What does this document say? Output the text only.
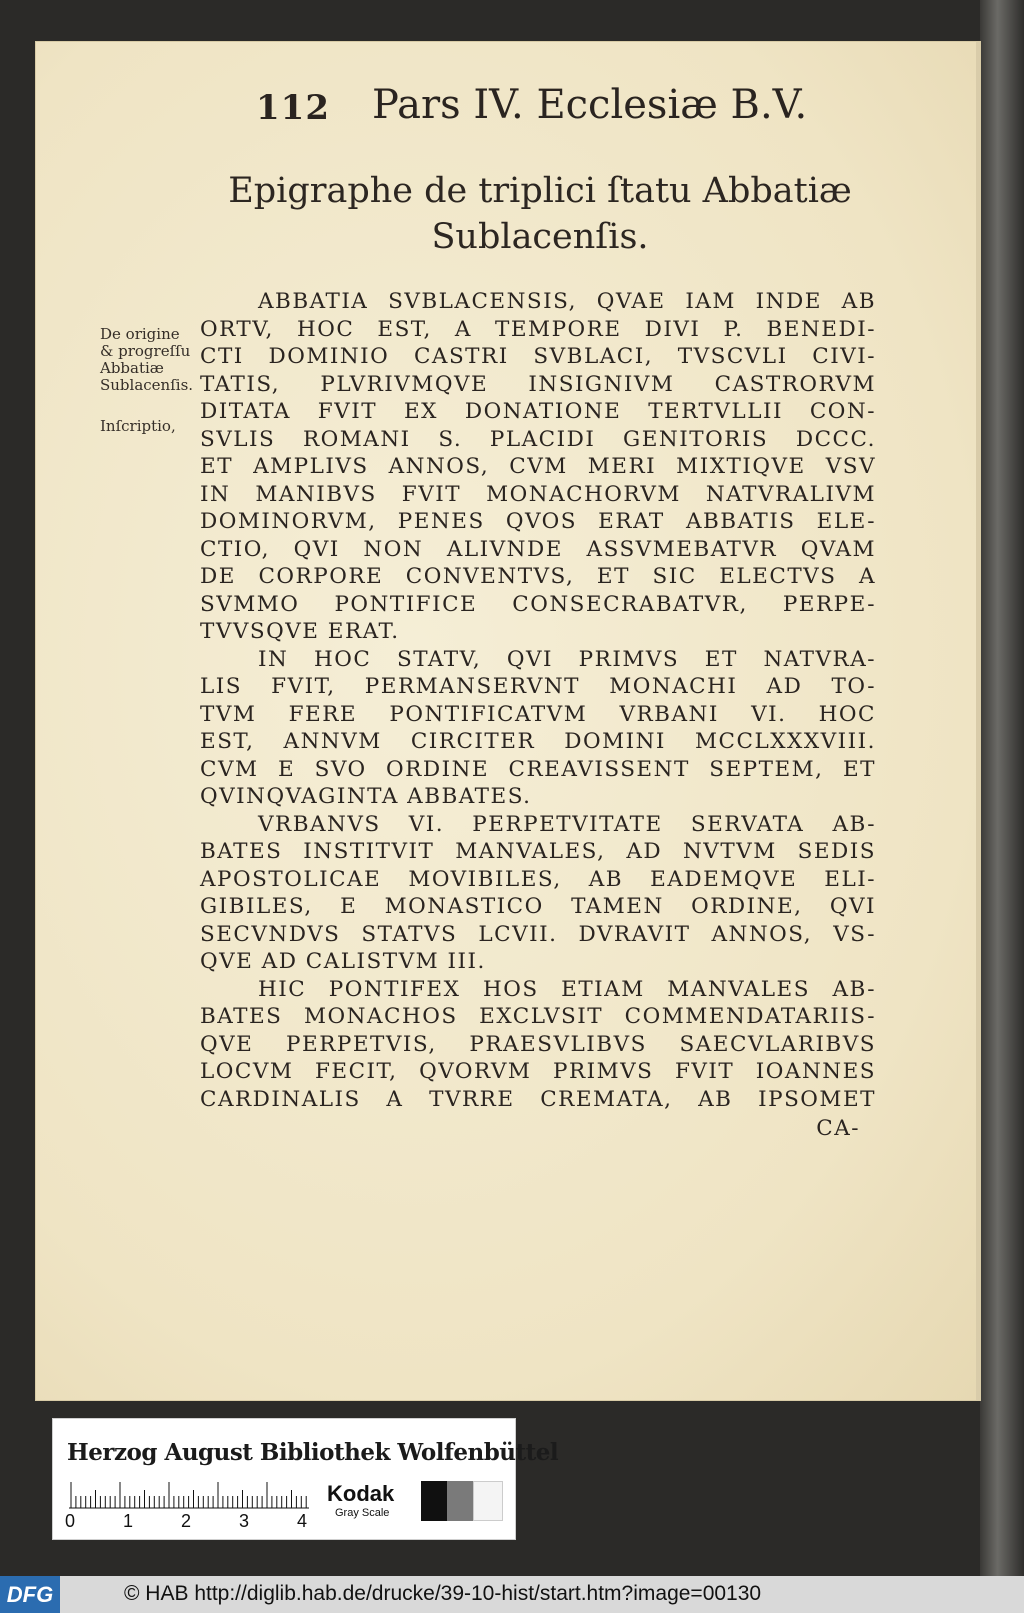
112 Pars IV. Ecclesiæ B.V.
Epigraphe de triplici ſtatu Abbatiæ
Sublacenſis.
De origine
& progreſſu
Abbatiæ
Sublacenſis.
Inſcriptio,
ABBATIA SVBLACENSIS, QVAE IAM INDE AB
ORTV, HOC EST, A TEMPORE DIVI P. BENEDI-
CTI DOMINIO CASTRI SVBLACI, TVSCVLI CIVI-
TATIS, PLVRIVMQVE INSIGNIVM CASTRORVM
DITATA FVIT EX DONATIONE TERTVLLII CON-
SVLIS ROMANI S. PLACIDI GENITORIS DCCC.
ET AMPLIVS ANNOS, CVM MERI MIXTIQVE VSV
IN MANIBVS FVIT MONACHORVM NATVRALIVM
DOMINORVM, PENES QVOS ERAT ABBATIS ELE-
CTIO, QVI NON ALIVNDE ASSVMEBATVR QVAM
DE CORPORE CONVENTVS, ET SIC ELECTVS A
SVMMO PONTIFICE CONSECRABATVR, PERPE-
TVVSQVE ERAT.
IN HOC STATV, QVI PRIMVS ET NATVRA-
LIS FVIT, PERMANSERVNT MONACHI AD TO-
TVM FERE PONTIFICATVM VRBANI VI. HOC
EST, ANNVM CIRCITER DOMINI MCCLXXXVIII.
CVM E SVO ORDINE CREAVISSENT SEPTEM, ET
QVINQVAGINTA ABBATES.
VRBANVS VI. PERPETVITATE SERVATA AB-
BATES INSTITVIT MANVALES, AD NVTVM SEDIS
APOSTOLICAE MOVIBILES, AB EADEMQVE ELI-
GIBILES, E MONASTICO TAMEN ORDINE, QVI
SECVNDVS STATVS LCVII. DVRAVIT ANNOS, VS-
QVE AD CALISTVM III.
HIC PONTIFEX HOS ETIAM MANVALES AB-
BATES MONACHOS EXCLVSIT COMMENDATARIIS-
QVE PERPETVIS, PRAESVLIBVS SAECVLARIBVS
LOCVM FECIT, QVORVM PRIMVS FVIT IOANNES
CARDINALIS A TVRRE CREMATA, AB IPSOMET
CA-
Herzog August Bibliothek Wolfenbüttel
0	1	2	3	4
Kodak
Gray Scale
DFG	© HAB http://diglib.hab.de/drucke/39-10-hist/start.htm?image=00130
